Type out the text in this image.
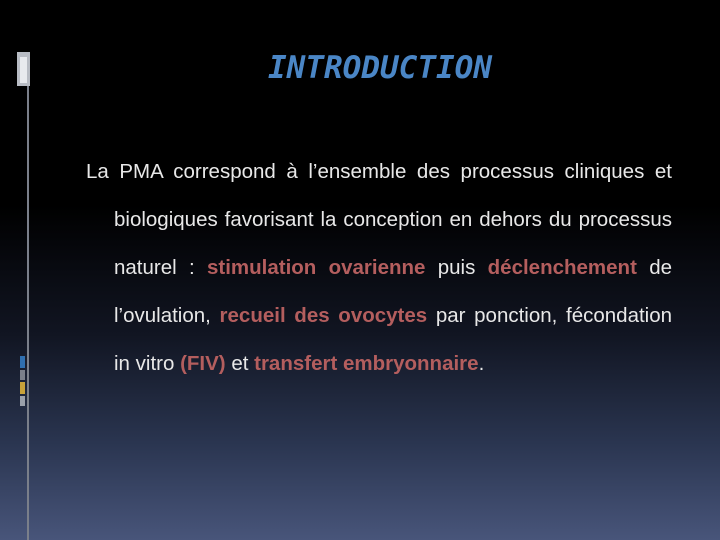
INTRODUCTION
La PMA correspond à l’ensemble des processus cliniques et biologiques favorisant la conception en dehors du processus naturel : stimulation ovarienne puis déclenchement de l’ovulation, recueil des ovocytes par ponction, fécondation in vitro (FIV) et transfert embryonnaire.
